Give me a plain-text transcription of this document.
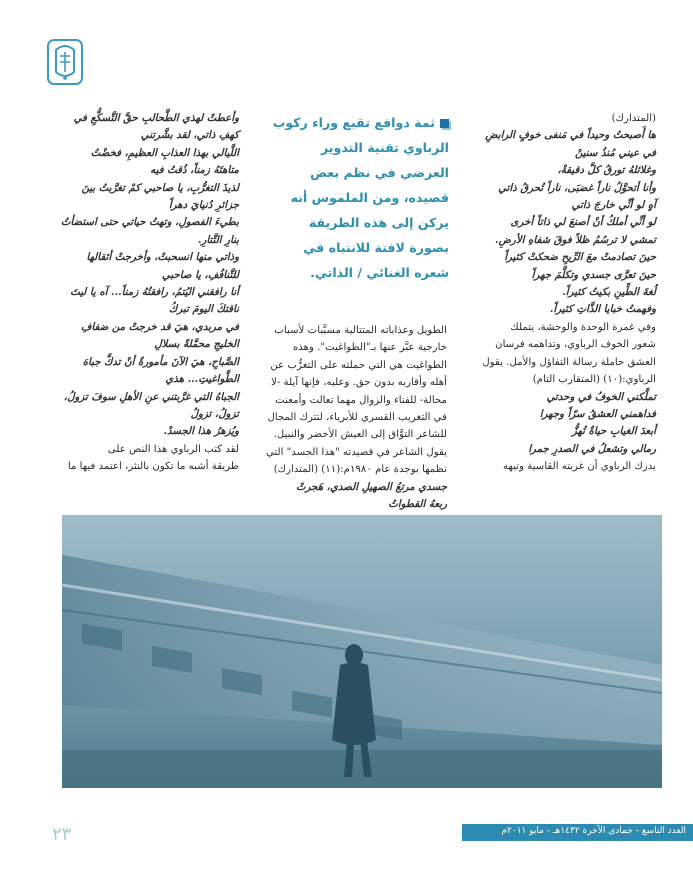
(المتدارك)

ها أَصبحتُ وحيداً في مَنفى خوفٍ الرابضِ

في عيني مُنذُ سنينْ

وغلائلهُ تورقُ كلَّ دقيقةْ،

وأنا أتحوَّلُ ناراً غضبَى، ناراً تُحرقُ ذاتي

آهٍ لو أنِّي خارجَ ذاتي

لو أنِّي أملكُ أنْ أصنعَ لي ذاتاً أخرى

تمشي لا ترسُمُ ظلاً فوقَ شفاهِ الأرضِ.

حينَ تصادمتْ معَ الرِّيحِ ضحكتْ كثيراً

حينَ تعرَّى جسدي وتكلَّمَ جهراً

لُغةَ الطِّينِ بكيتُ كثيراً.

وفهمتُ خبايا الذَّاتِ كثيراً.

وفي غمرة الوحدة والوحشة، يتملك

شعور الخوف الرباوي، وتداهمه فرسان

العشق حاملة رسالة التفاؤل والأمل. يقول

الرباوي:(١٠) (المتقارب التام)

تملَّكني الخوفُ في وحدتي

فداهمني العشقُ سرّاً وجهرا

أبعدَ الغيابِ حياةٌ تُهزُّ

رمالي وتشعلُ في الصدرِ جمرا

يدرك الرباوي أن غربته القاسية وتيهه

ثمة دوافع تقبع وراء ركوب
الرباوي تقنية التدوير
العرضي في نظم بعض
قصيده، ومن الملموس أنه
يركن إلى هذه الطريقة
بصورة لافتة للانتباه في
شعره الغنائي / الذاتي.

الطويل وعذاباته المتتالية مسبَّبات لأسباب

خارجية عبَّر عنها بـ"الطواغيت". وهذه

الطواغيت هي التي حملته على التغرُّب عن

أهله وأقاربه بدون حق. وعليه، فإنها آيلة -لا

محالة- للفناء والزوال مهما تعالت وأمعنت

في التغريب القسري للأبرياء، لتترك المجال

للشاعر التوَّاق إلى العيش الأخضر والنبيل.

يقول الشاعر في قصيدته "هذا الجسد" التي

نظمها بوجدة عام ١٩٨٠م:(١١) (المتدارك)

جسدي مرتعُ الصهيلِ الصدي، هَجرتْ

ربعهُ القطواتُ

وأعطتْ لهذي الطَّحالبِ حقَّ التَّسكُّعِ في

كهفِ ذاتي، لقد بشَّرتني

اللَّيالي بهذا العذابِ العظيمِ، فخضْتُ

متاهتَهُ زمناً، ذُقتُ فيه

لذيذَ التغرُّبِ، يا صاحبي كمْ تغرَّبتُ بينَ

جزائرِ دُنيايَ دهراً

بطيءَ الفصولِ، وتهتُ حياتي حتى استضأتُ

بنارِ التَّتارِ.

وذاتي منها انسحبتْ، وأخرجتْ أثقالها

للتَّنافُفِ، يا صاحبي

أنا رافقني اليُتمُ، رافقتُهُ زمناً... آه يا ليتَ

ناقتكَ اليومَ تبركُ

في مربدي، هيَ قد خرجتْ من ضفافِ

الخليجِ محمَّلةً بسلالِ

الصَّباحِ، هيَ الآنَ مأمورةٌ أنْ تدكَّ جباهَ

الطَّواغيتِ... هذي

الجباهُ التي غرَّبتني عنِ الأهلِ سوفَ تزولُ،

تزولُ، تزولُ

ويُزهرُ هذا الجسدْ.

لقد كتب الرباوي هذا النص على

طريقة أشبه ما تكون بالنثر، اعتمد فيها ما

٢٣	العدد التاسع - جمادى الآخرة ١٤٣٢هـ - مايو ٢٠١١م
